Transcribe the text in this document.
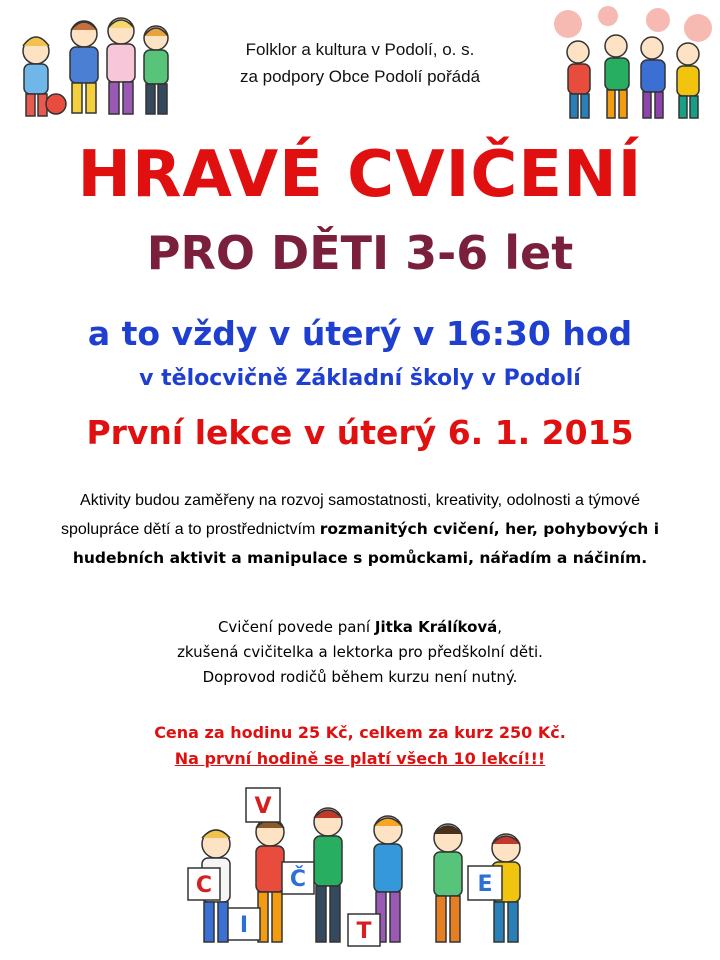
Folklor a kultura v Podolí, o. s.
za podpory Obce Podolí pořádá
HRAVÉ CVIČENÍ
PRO DĚTI 3-6 let
a to vždy v úterý v 16:30 hod
v tělocvičně Základní školy v Podolí
První lekce v úterý 6. 1. 2015
Aktivity budou zaměřeny na rozvoj samostatnosti, kreativity, odolnosti a týmové spolupráce dětí a to prostřednictvím rozmanitých cvičení, her, pohybových i hudebních aktivit a manipulace s pomůckami, nářadím a náčiním.
Cvičení povede paní Jitka Králíková,
zkušená cvičitelka a lektorka pro předškolní děti.
Doprovod rodičů během kurzu není nutný.
Cena za hodinu 25 Kč, celkem za kurz 250 Kč.
Na první hodině se platí všech 10 lekcí!!!
V
C
I
Č
T
E
